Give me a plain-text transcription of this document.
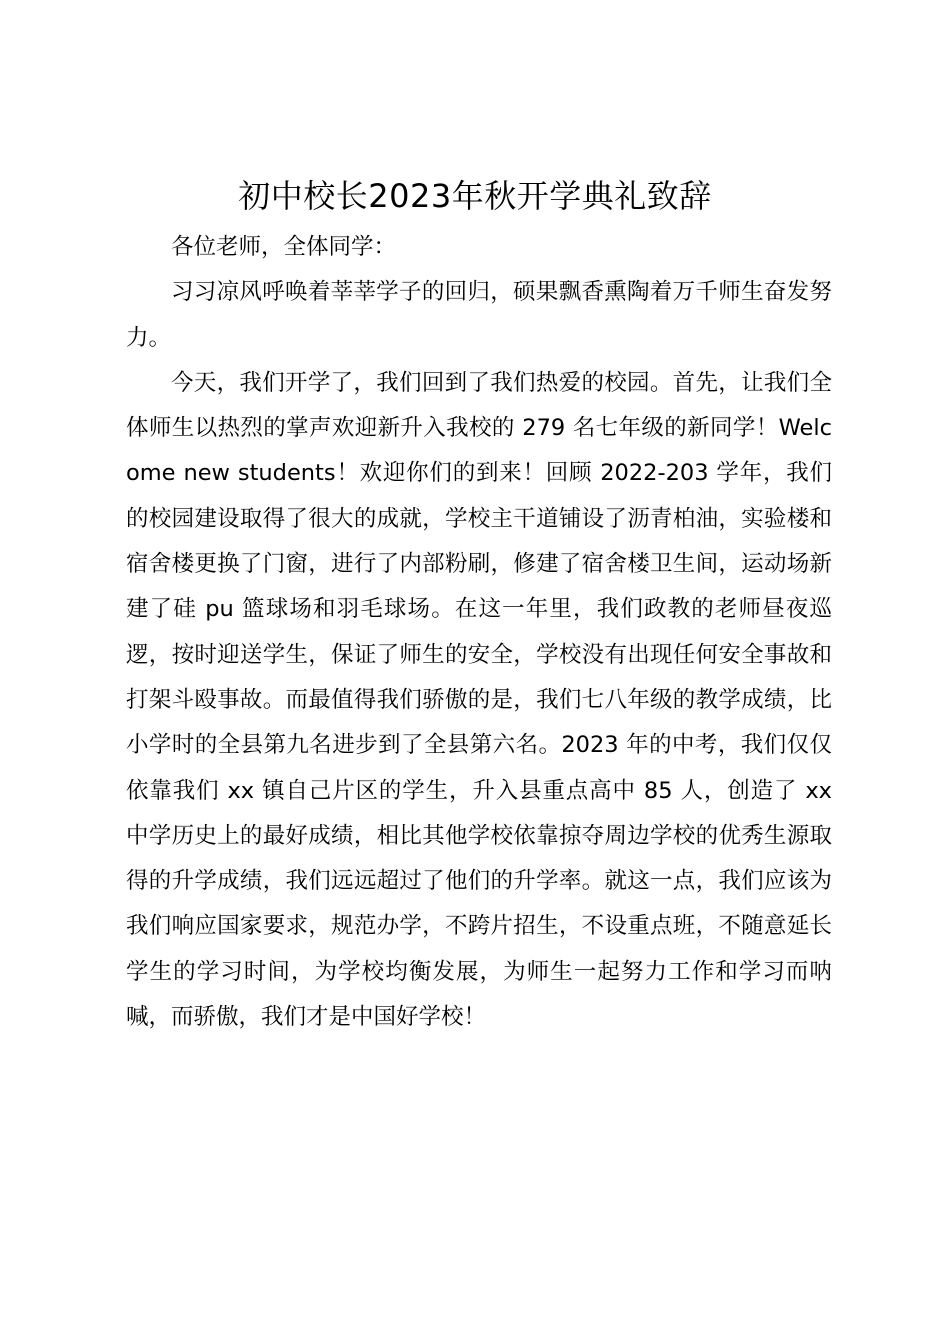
初中校长2023年秋开学典礼致辞

各位老师，全体同学：

习习凉风呼唤着莘莘学子的回归，硕果飘香熏陶着万千师生奋发努力。

今天，我们开学了，我们回到了我们热爱的校园。首先，让我们全体师生以热烈的掌声欢迎新升入我校的 279 名七年级的新同学！Welcome new students！欢迎你们的到来！回顾 2022-203 学年，我们的校园建设取得了很大的成就，学校主干道铺设了沥青柏油，实验楼和宿舍楼更换了门窗，进行了内部粉刷，修建了宿舍楼卫生间，运动场新建了硅 pu 篮球场和羽毛球场。在这一年里，我们政教的老师昼夜巡逻，按时迎送学生，保证了师生的安全，学校没有出现任何安全事故和打架斗殴事故。而最值得我们骄傲的是，我们七八年级的教学成绩，比小学时的全县第九名进步到了全县第六名。2023 年的中考，我们仅仅依靠我们 xx 镇自己片区的学生，升入县重点高中 85 人，创造了 xx 中学历史上的最好成绩，相比其他学校依靠掠夺周边学校的优秀生源取得的升学成绩，我们远远超过了他们的升学率。就这一点，我们应该为我们响应国家要求，规范办学，不跨片招生，不设重点班，不随意延长学生的学习时间，为学校均衡发展，为师生一起努力工作和学习而呐喊，而骄傲，我们才是中国好学校！
